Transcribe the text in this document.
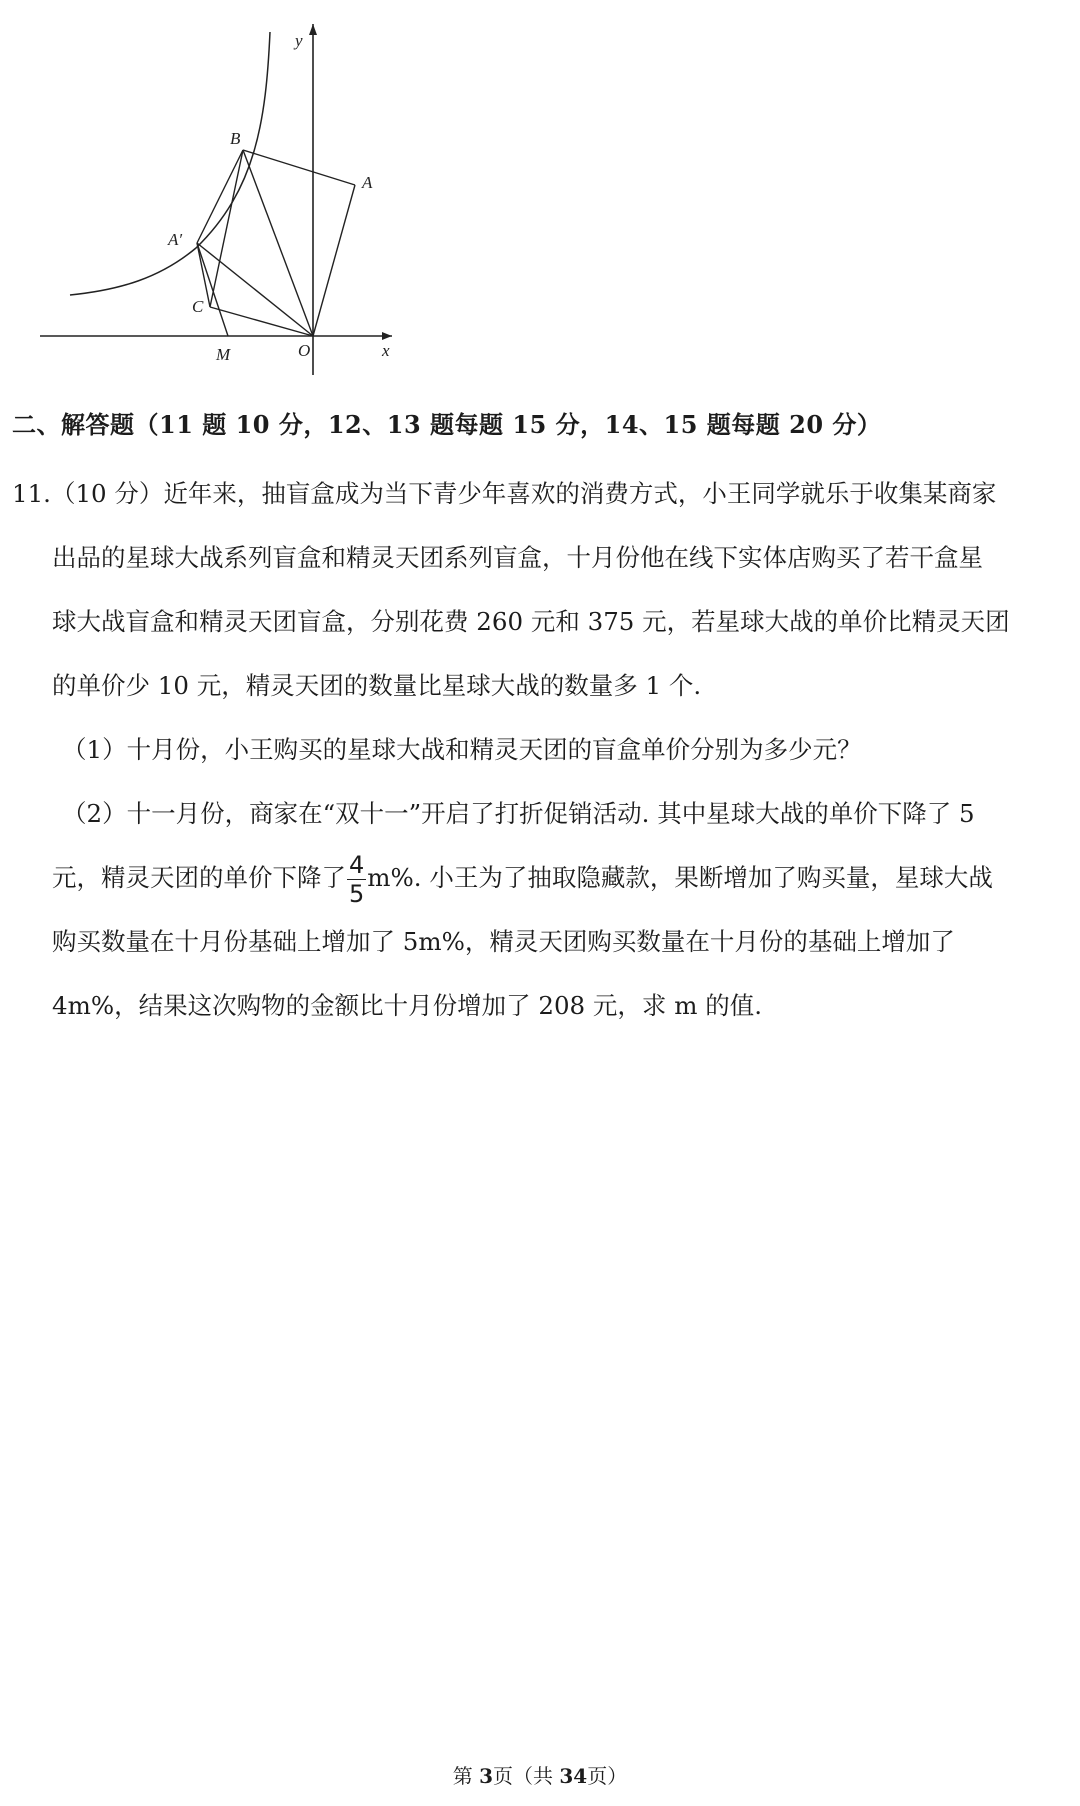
y
x
O
M
C
A′
B
A
二、解答题（11 题 10 分，12、13 题每题 15 分，14、15 题每题 20 分）

11.（10 分）近年来，抽盲盒成为当下青少年喜欢的消费方式，小王同学就乐于收集某商家

出品的星球大战系列盲盒和精灵天团系列盲盒，十月份他在线下实体店购买了若干盒星

球大战盲盒和精灵天团盲盒，分别花费 260 元和 375 元，若星球大战的单价比精灵天团

的单价少 10 元，精灵天团的数量比星球大战的数量多 1 个.

（1）十月份，小王购买的星球大战和精灵天团的盲盒单价分别为多少元？

（2）十一月份，商家在“双十一”开启了打折促销活动. 其中星球大战的单价下降了 5

元，精灵天团的单价下降了 $\frac{4}{5} m\%$. 小王为了抽取隐藏款，果断增加了购买量，星球大战

购买数量在十月份基础上增加了 5m%，精灵天团购买数量在十月份的基础上增加了

4m%，结果这次购物的金额比十月份增加了 208 元，求 m 的值.

第 3页（共 34页）
